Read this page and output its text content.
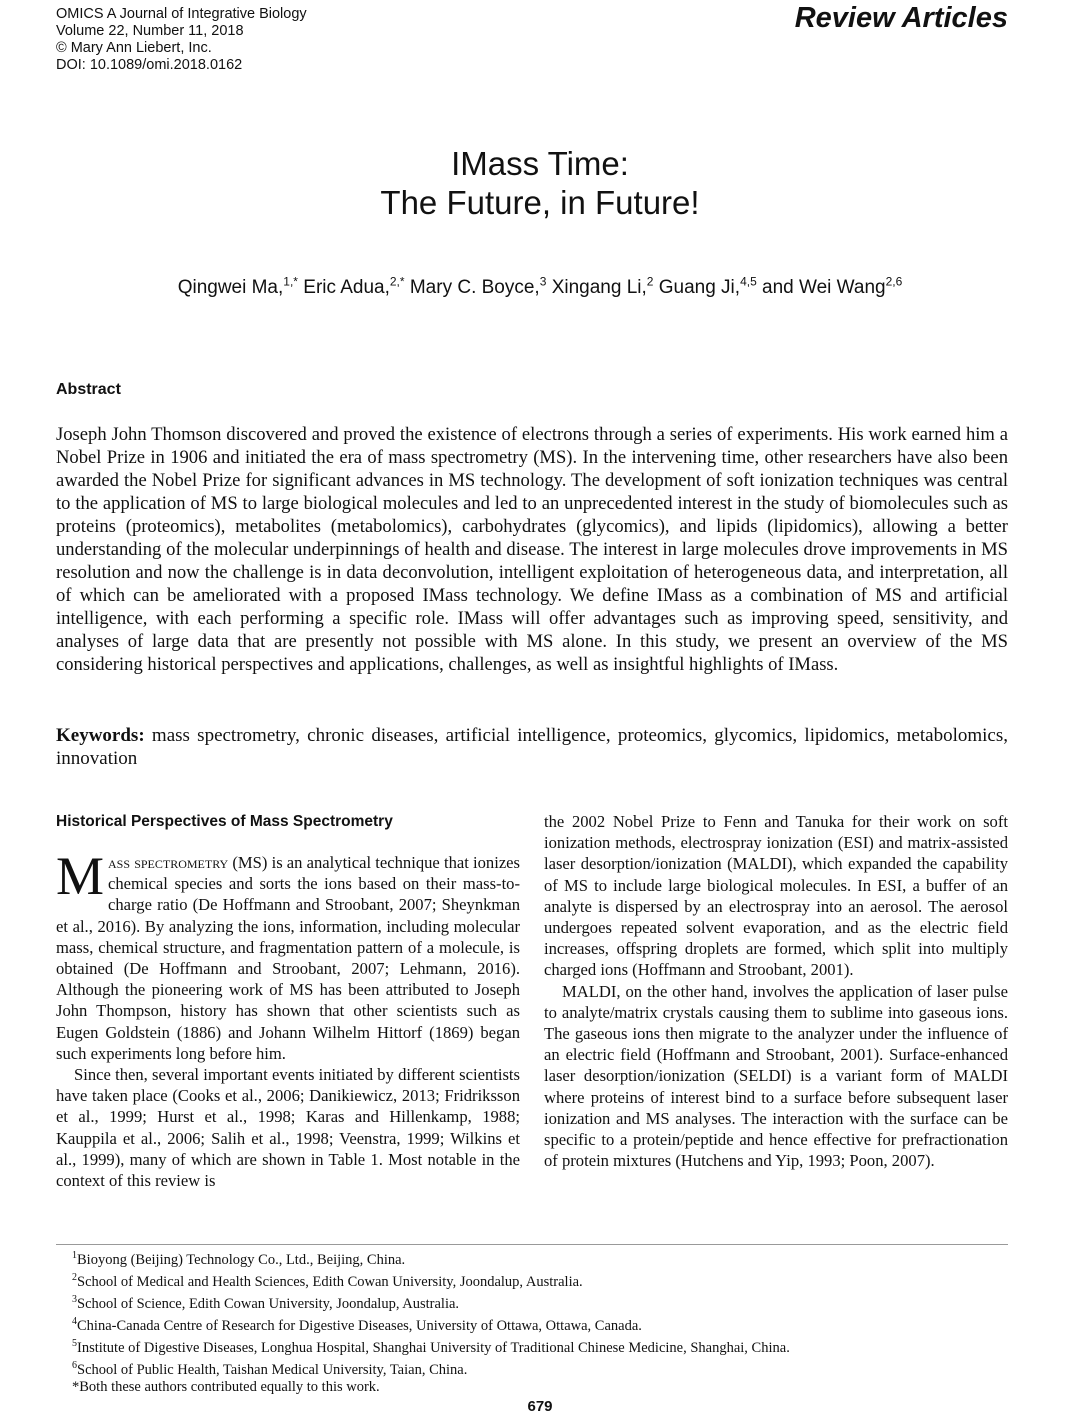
OMICS A Journal of Integrative Biology
Volume 22, Number 11, 2018
© Mary Ann Liebert, Inc.
DOI: 10.1089/omi.2018.0162
Review Articles
IMass Time:
The Future, in Future!
Qingwei Ma,$^{1,*}$ Eric Adua,$^{2,*}$ Mary C. Boyce,$^3$ Xingang Li,$^2$ Guang Ji,$^{4,5}$ and Wei Wang$^{2,6}$
Abstract
Joseph John Thomson discovered and proved the existence of electrons through a series of experiments. His work earned him a Nobel Prize in 1906 and initiated the era of mass spectrometry (MS). In the intervening time, other researchers have also been awarded the Nobel Prize for significant advances in MS technology. The development of soft ionization techniques was central to the application of MS to large biological molecules and led to an unprecedented interest in the study of biomolecules such as proteins (proteomics), metabolites (metabolomics), carbohydrates (glycomics), and lipids (lipidomics), allowing a better understanding of the molecular underpinnings of health and disease. The interest in large molecules drove improvements in MS resolution and now the challenge is in data deconvolution, intelligent exploitation of heterogeneous data, and interpretation, all of which can be ameliorated with a proposed IMass technology. We define IMass as a combination of MS and artificial intelligence, with each performing a specific role. IMass will offer advantages such as improving speed, sensitivity, and analyses of large data that are presently not possible with MS alone. In this study, we present an overview of the MS considering historical perspectives and applications, challenges, as well as insightful highlights of IMass.
Keywords: mass spectrometry, chronic diseases, artificial intelligence, proteomics, glycomics, lipidomics, metabolomics, innovation
Historical Perspectives of Mass Spectrometry

Mass spectrometry (MS) is an analytical technique that ionizes chemical species and sorts the ions based on their mass-to-charge ratio (De Hoffmann and Stroobant, 2007; Sheynkman et al., 2016). By analyzing the ions, information, including molecular mass, chemical structure, and fragmentation pattern of a molecule, is obtained (De Hoffmann and Stroobant, 2007; Lehmann, 2016). Although the pioneering work of MS has been attributed to Joseph John Thompson, history has shown that other scientists such as Eugen Goldstein (1886) and Johann Wilhelm Hittorf (1869) began such experiments long before him.

Since then, several important events initiated by different scientists have taken place (Cooks et al., 2006; Danikiewicz, 2013; Fridriksson et al., 1999; Hurst et al., 1998; Karas and Hillenkamp, 1988; Kauppila et al., 2006; Salih et al., 1998; Veenstra, 1999; Wilkins et al., 1999), many of which are shown in Table 1. Most notable in the context of this review is

the 2002 Nobel Prize to Fenn and Tanuka for their work on soft ionization methods, electrospray ionization (ESI) and matrix-assisted laser desorption/ionization (MALDI), which expanded the capability of MS to include large biological molecules. In ESI, a buffer of an analyte is dispersed by an electrospray into an aerosol. The aerosol undergoes repeated solvent evaporation, and as the electric field increases, offspring droplets are formed, which split into multiply charged ions (Hoffmann and Stroobant, 2001).

MALDI, on the other hand, involves the application of laser pulse to analyte/matrix crystals causing them to sublime into gaseous ions. The gaseous ions then migrate to the analyzer under the influence of an electric field (Hoffmann and Stroobant, 2001). Surface-enhanced laser desorption/ionization (SELDI) is a variant form of MALDI where proteins of interest bind to a surface before subsequent laser ionization and MS analyses. The interaction with the surface can be specific to a protein/peptide and hence effective for prefractionation of protein mixtures (Hutchens and Yip, 1993; Poon, 2007).

$^1$Bioyong (Beijing) Technology Co., Ltd., Beijing, China.
$^2$School of Medical and Health Sciences, Edith Cowan University, Joondalup, Australia.
$^3$School of Science, Edith Cowan University, Joondalup, Australia.
$^4$China-Canada Centre of Research for Digestive Diseases, University of Ottawa, Ottawa, Canada.
$^5$Institute of Digestive Diseases, Longhua Hospital, Shanghai University of Traditional Chinese Medicine, Shanghai, China.
$^6$School of Public Health, Taishan Medical University, Taian, China.
*Both these authors contributed equally to this work.
679
